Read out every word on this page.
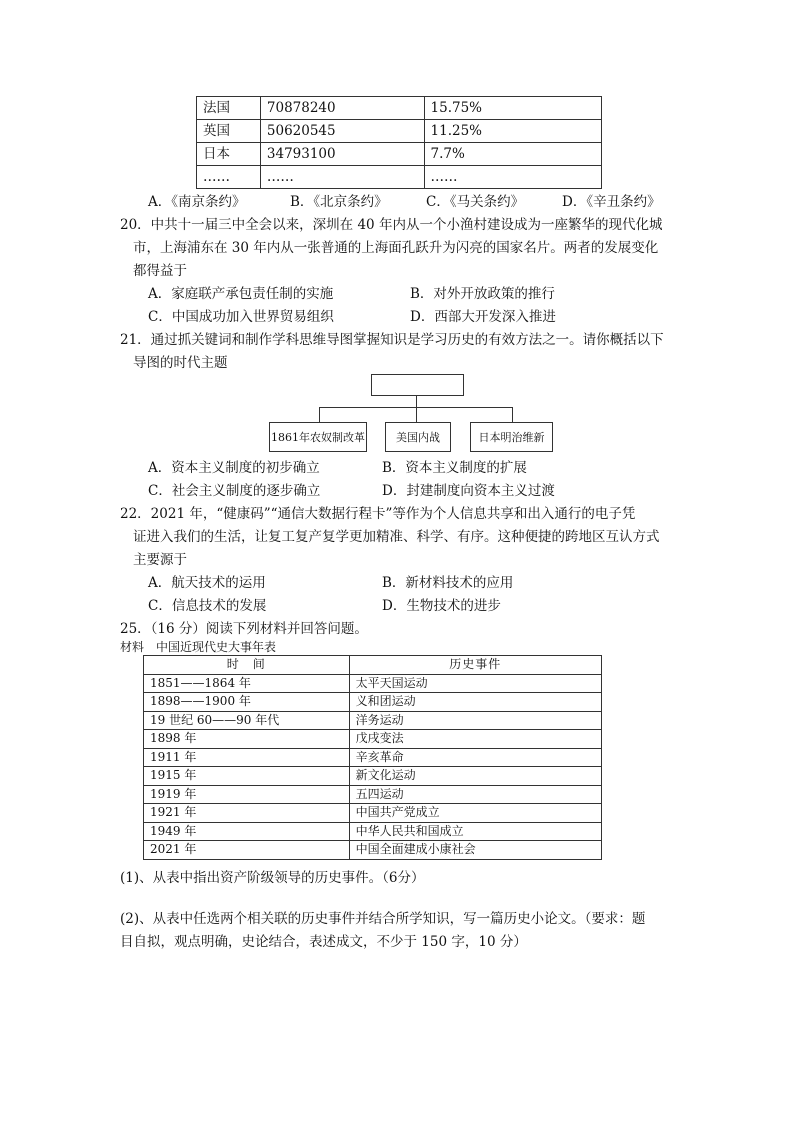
法国	70878240	15.75%
英国	50620545	11.25%
日本	34793100	7.7%
……	……	……
A．《南京条约》	B．《北京条约》	C．《马关条约》	D．《辛丑条约》
20．中共十一届三中全会以来，深圳在 40 年内从一个小渔村建设成为一座繁华的现代化城
市，上海浦东在 30 年内从一张普通的上海面孔跃升为闪亮的国家名片。两者的发展变化
都得益于
A．家庭联产承包责任制的实施	B．对外开放政策的推行
C．中国成功加入世界贸易组织	D．西部大开发深入推进
21．通过抓关键词和制作学科思维导图掌握知识是学习历史的有效方法之一。请你概括以下
导图的时代主题
1861年农奴制改革	美国内战	日本明治维新
A．资本主义制度的初步确立	B．资本主义制度的扩展
C．社会主义制度的逐步确立	D．封建制度向资本主义过渡
22．2021 年，“健康码”“通信大数据行程卡”等作为个人信息共享和出入通行的电子凭
证进入我们的生活，让复工复产复学更加精准、科学、有序。这种便捷的跨地区互认方式
主要源于
A．航天技术的运用	B．新材料技术的应用
C．信息技术的发展	D．生物技术的进步
25．（16 分）阅读下列材料并回答问题。
材料　中国近现代史大事年表
时　间	历史事件
1851——1864 年	太平天国运动
1898——1900 年	义和团运动
19 世纪 60——90 年代	洋务运动
1898 年	戊戌变法
1911 年	辛亥革命
1915 年	新文化运动
1919 年	五四运动
1921 年	中国共产党成立
1949 年	中华人民共和国成立
2021 年	中国全面建成小康社会
(1)、从表中指出资产阶级领导的历史事件。（6分）
(2)、从表中任选两个相关联的历史事件并结合所学知识，写一篇历史小论文。（要求：题
目自拟，观点明确，史论结合，表述成文，不少于 150 字，10 分）
